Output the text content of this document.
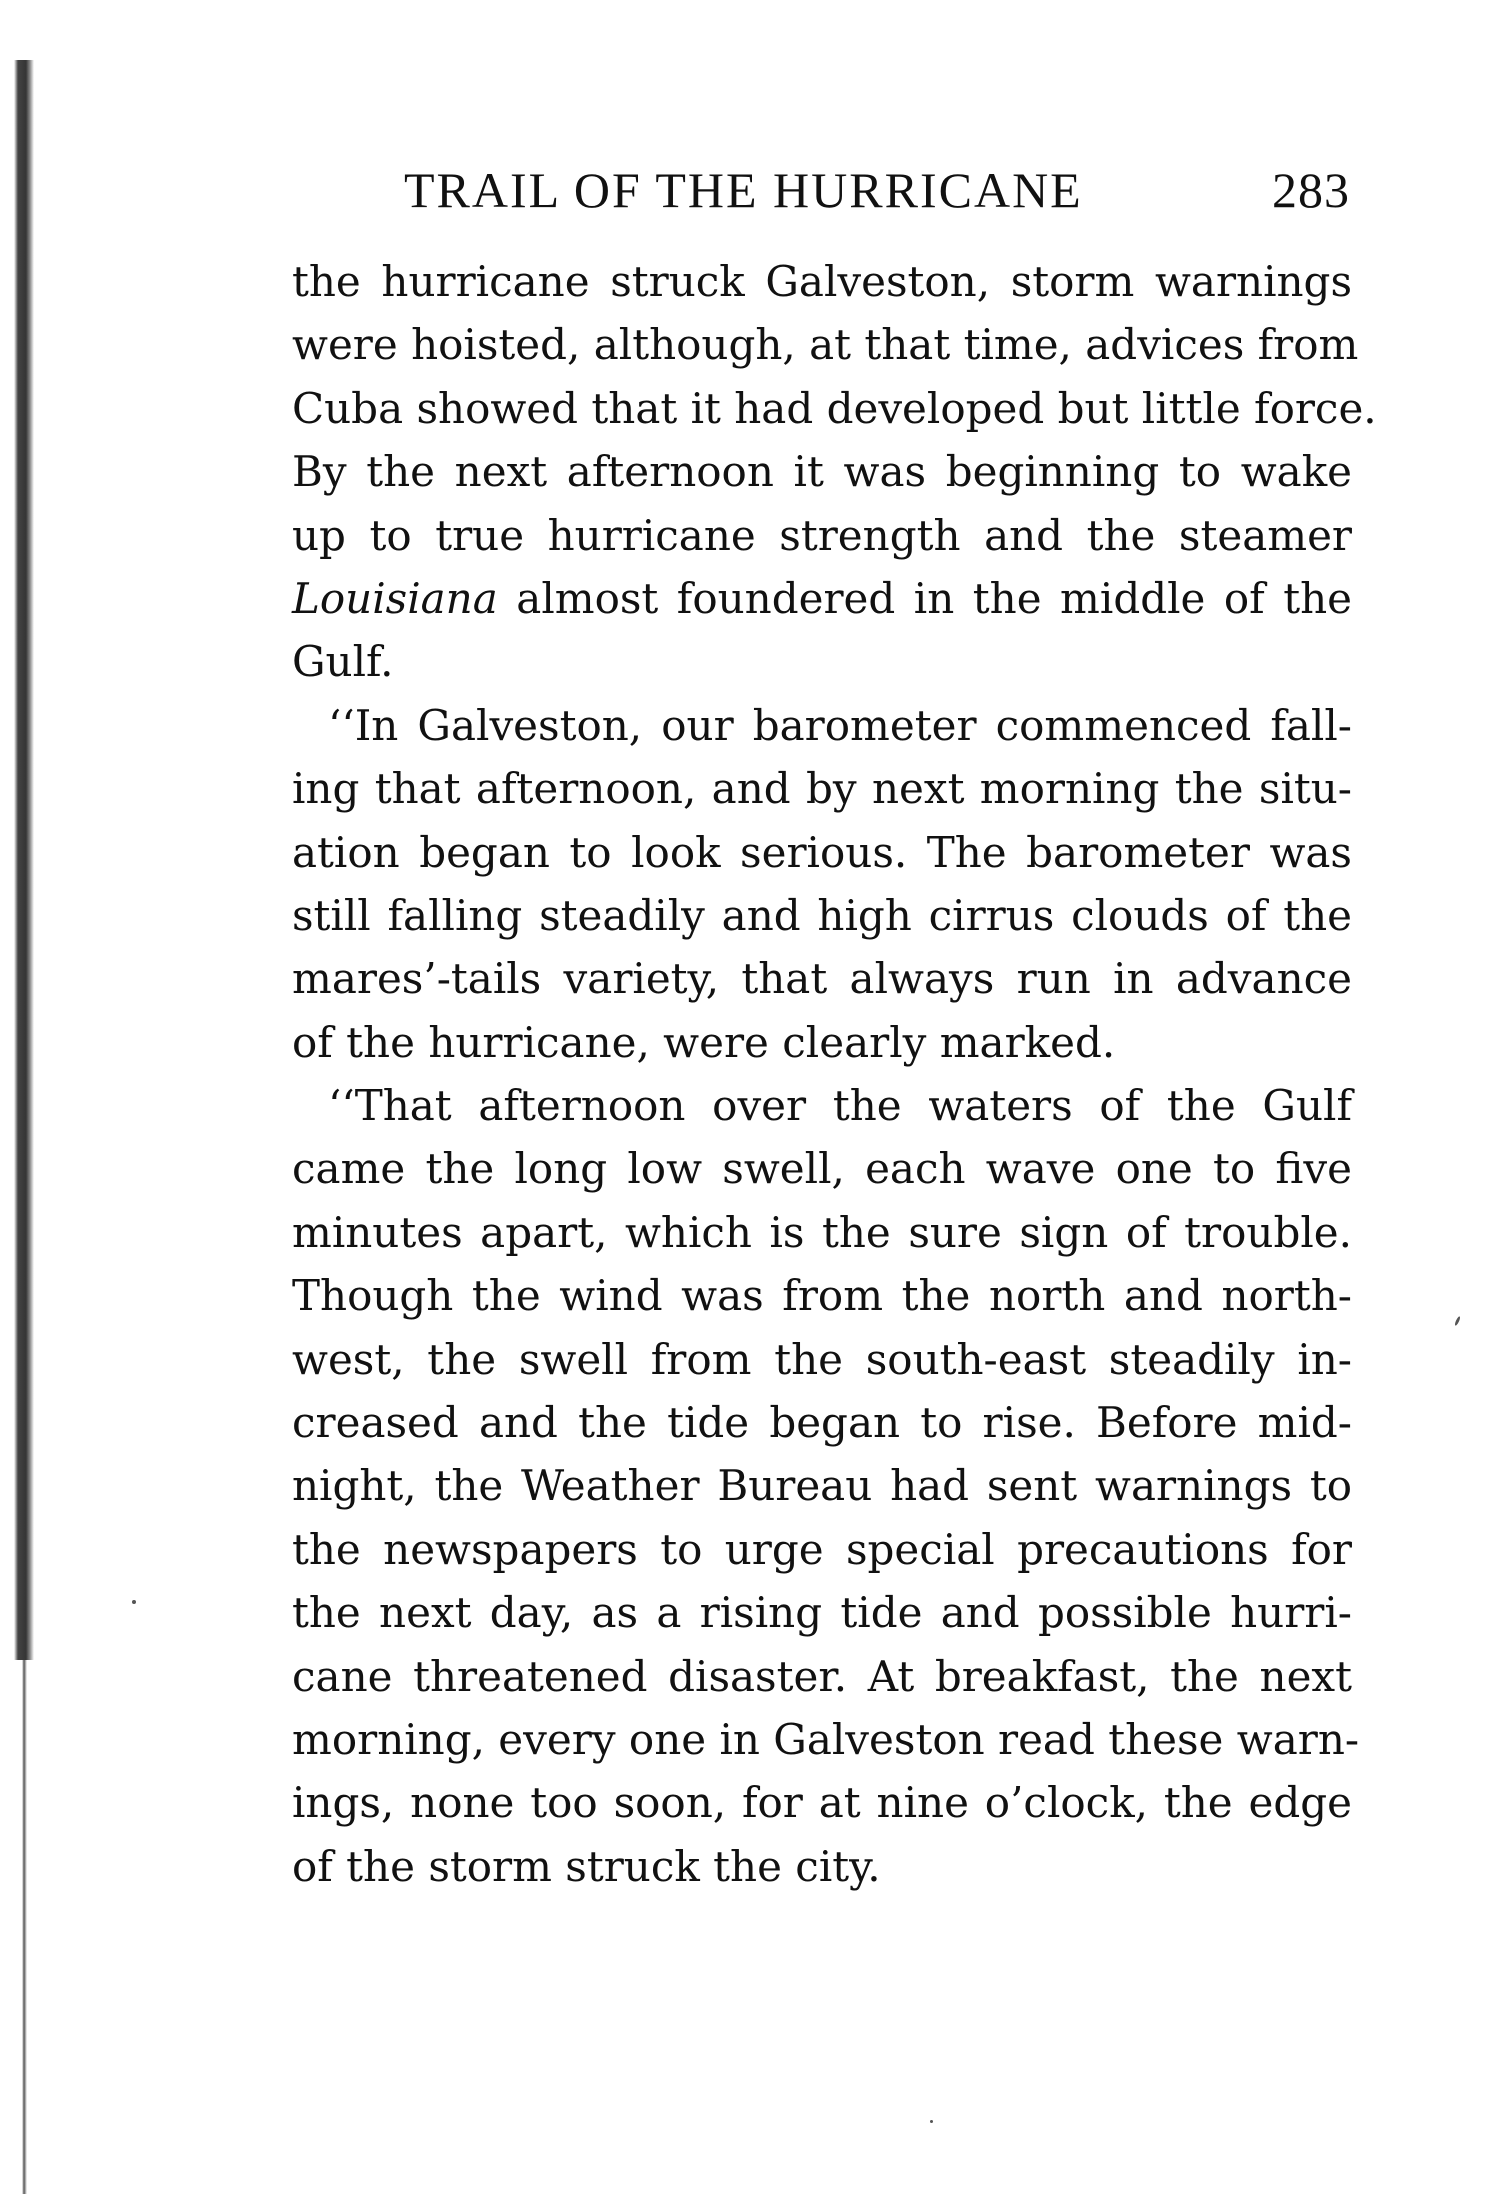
TRAIL OF THE HURRICANE	283

the hurricane struck Galveston, storm warnings
were hoisted, although, at that time, advices from
Cuba showed that it had developed but little force.
By the next afternoon it was beginning to wake
up to true hurricane strength and the steamer
Louisiana almost foundered in the middle of the
Gulf.

‘‘In Galveston, our barometer commenced fall-
ing that afternoon, and by next morning the situ-
ation began to look serious. The barometer was
still falling steadily and high cirrus clouds of the
mares’-tails variety, that always run in advance
of the hurricane, were clearly marked.

‘‘That afternoon over the waters of the Gulf
came the long low swell, each wave one to five
minutes apart, which is the sure sign of trouble.
Though the wind was from the north and north-
west, the swell from the south-east steadily in-
creased and the tide began to rise. Before mid-
night, the Weather Bureau had sent warnings to
the newspapers to urge special precautions for
the next day, as a rising tide and possible hurri-
cane threatened disaster. At breakfast, the next
morning, every one in Galveston read these warn-
ings, none too soon, for at nine o’clock, the edge
of the storm struck the city.
